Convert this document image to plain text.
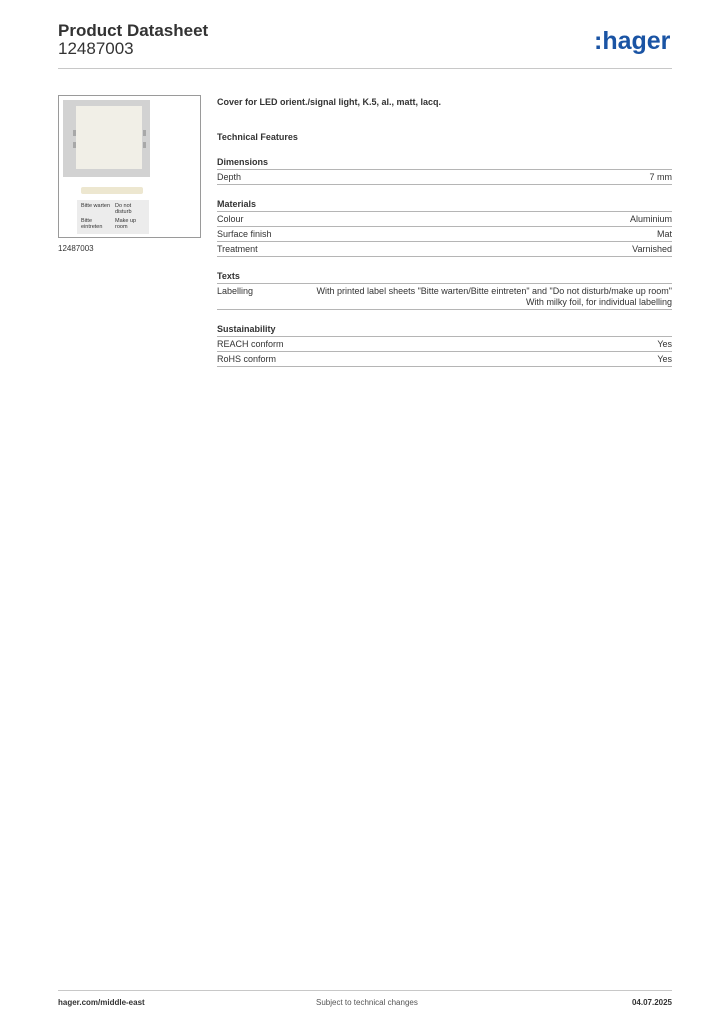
Product Datasheet
12487003	:hager
Bitte warten Do not disturb
Bitte eintreten
Make up room
12487003

Cover for LED orient./signal light, K.5, al., matt, lacq.

Technical Features
Dimensions
Depth	7 mm
Materials
Colour	Aluminium
Surface finish	Mat
Treatment	Varnished
Texts
Labelling	With printed label sheets "Bitte warten/Bitte eintreten" and "Do not disturb/make up room"
With milky foil, for individual labelling
Sustainability
REACH conform	Yes
RoHS conform	Yes
hager.com/middle-east	Subject to technical changes	04.07.2025
